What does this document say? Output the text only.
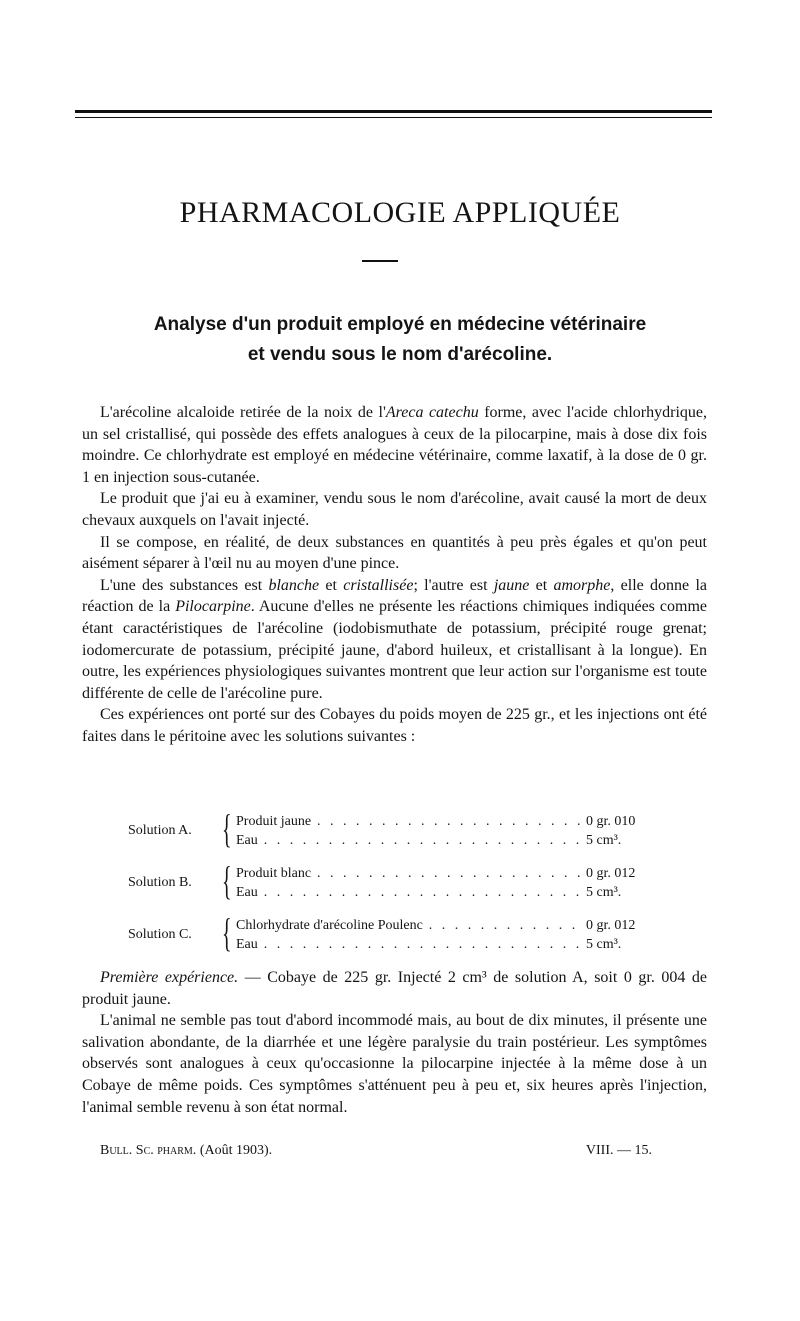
PHARMACOLOGIE APPLIQUÉE
Analyse d'un produit employé en médecine vétérinaire
et vendu sous le nom d'arécoline.

L'arécoline alcaloide retirée de la noix de l'Areca catechu forme, avec l'acide chlorhydrique, un sel cristallisé, qui possède des effets analogues à ceux de la pilocarpine, mais à dose dix fois moindre. Ce chlorhydrate est employé en médecine vétérinaire, comme laxatif, à la dose de 0 gr. 1 en injection sous-cutanée.

Le produit que j'ai eu à examiner, vendu sous le nom d'arécoline, avait causé la mort de deux chevaux auxquels on l'avait injecté.

Il se compose, en réalité, de deux substances en quantités à peu près égales et qu'on peut aisément séparer à l'œil nu au moyen d'une pince.

L'une des substances est blanche et cristallisée; l'autre est jaune et amorphe, elle donne la réaction de la Pilocarpine. Aucune d'elles ne présente les réactions chimiques indiquées comme étant caractéristiques de l'arécoline (iodobismuthate de potassium, précipité rouge grenat; iodomercurate de potassium, précipité jaune, d'abord huileux, et cristallisant à la longue). En outre, les expériences physiologiques suivantes montrent que leur action sur l'organisme est toute différente de celle de l'arécoline pure.

Ces expériences ont porté sur des Cobayes du poids moyen de 225 gr., et les injections ont été faites dans le péritoine avec les solutions suivantes :

Solution A. { Produit jaune . . .	0 gr. 010
Eau . . .	5 cm³.
Solution B. { Produit blanc . . .	0 gr. 012
Eau . . .	5 cm³.
Solution C. { Chlorhydrate d'arécoline Poulenc . . .	0 gr. 012
Eau . . .	5 cm³.

Première expérience. — Cobaye de 225 gr. Injecté 2 cm³ de solution A, soit 0 gr. 004 de produit jaune.

L'animal ne semble pas tout d'abord incommodé mais, au bout de dix minutes, il présente une salivation abondante, de la diarrhée et une légère paralysie du train postérieur. Les symptômes observés sont analogues à ceux qu'occasionne la pilocarpine injectée à la même dose à un Cobaye de même poids. Ces symptômes s'atténuent peu à peu et, six heures après l'injection, l'animal semble revenu à son état normal.

Bull. Sc. pharm. (Août 1903).	VIII. — 15.
